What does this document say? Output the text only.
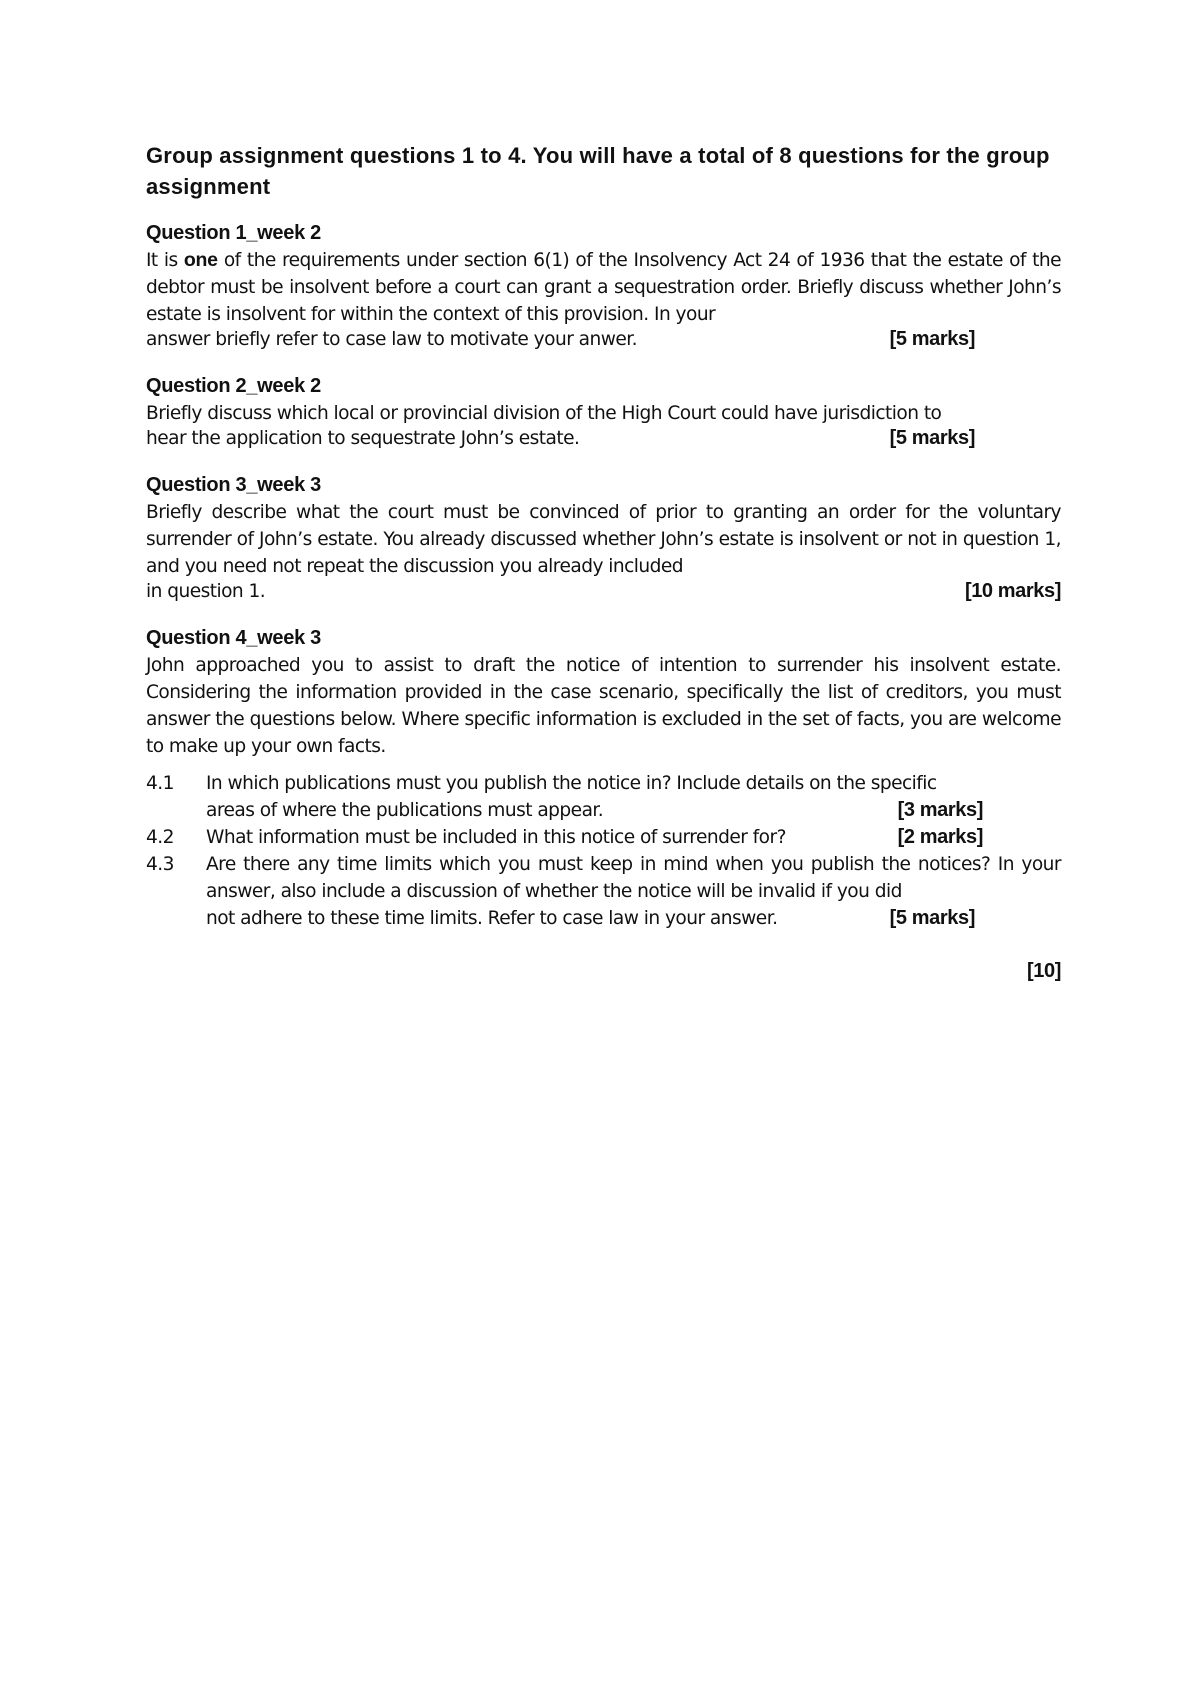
Group assignment questions 1 to 4. You will have a total of 8 questions for the group assignment

Question 1_week 2

It is one of the requirements under section 6(1) of the Insolvency Act 24 of 1936 that the estate of the debtor must be insolvent before a court can grant a sequestration order. Briefly discuss whether John’s estate is insolvent for within the context of this provision. In your

answer briefly refer to case law to motivate your anwer.	[5 marks]

Question 2_week 2

Briefly discuss which local or provincial division of the High Court could have jurisdiction to

hear the application to sequestrate John’s estate.	[5 marks]

Question 3_week 3

Briefly describe what the court must be convinced of prior to granting an order for the voluntary surrender of John’s estate. You already discussed whether John’s estate is insolvent or not in question 1, and you need not repeat the discussion you already included

in question 1.	[10 marks]

Question 4_week 3

John approached you to assist to draft the notice of intention to surrender his insolvent estate. Considering the information provided in the case scenario, specifically the list of creditors, you must answer the questions below. Where specific information is excluded in the set of facts, you are welcome to make up your own facts.

4.1	In which publications must you publish the notice in? Include details on the specific

areas of where the publications must appear.	[3 marks]
4.2	What information must be included in this notice of surrender for?	[2 marks]
4.3	Are there any time limits which you must keep in mind when you publish the notices? In your answer, also include a discussion of whether the notice will be invalid if you did

not adhere to these time limits. Refer to case law in your answer.	[5 marks]
[10]
